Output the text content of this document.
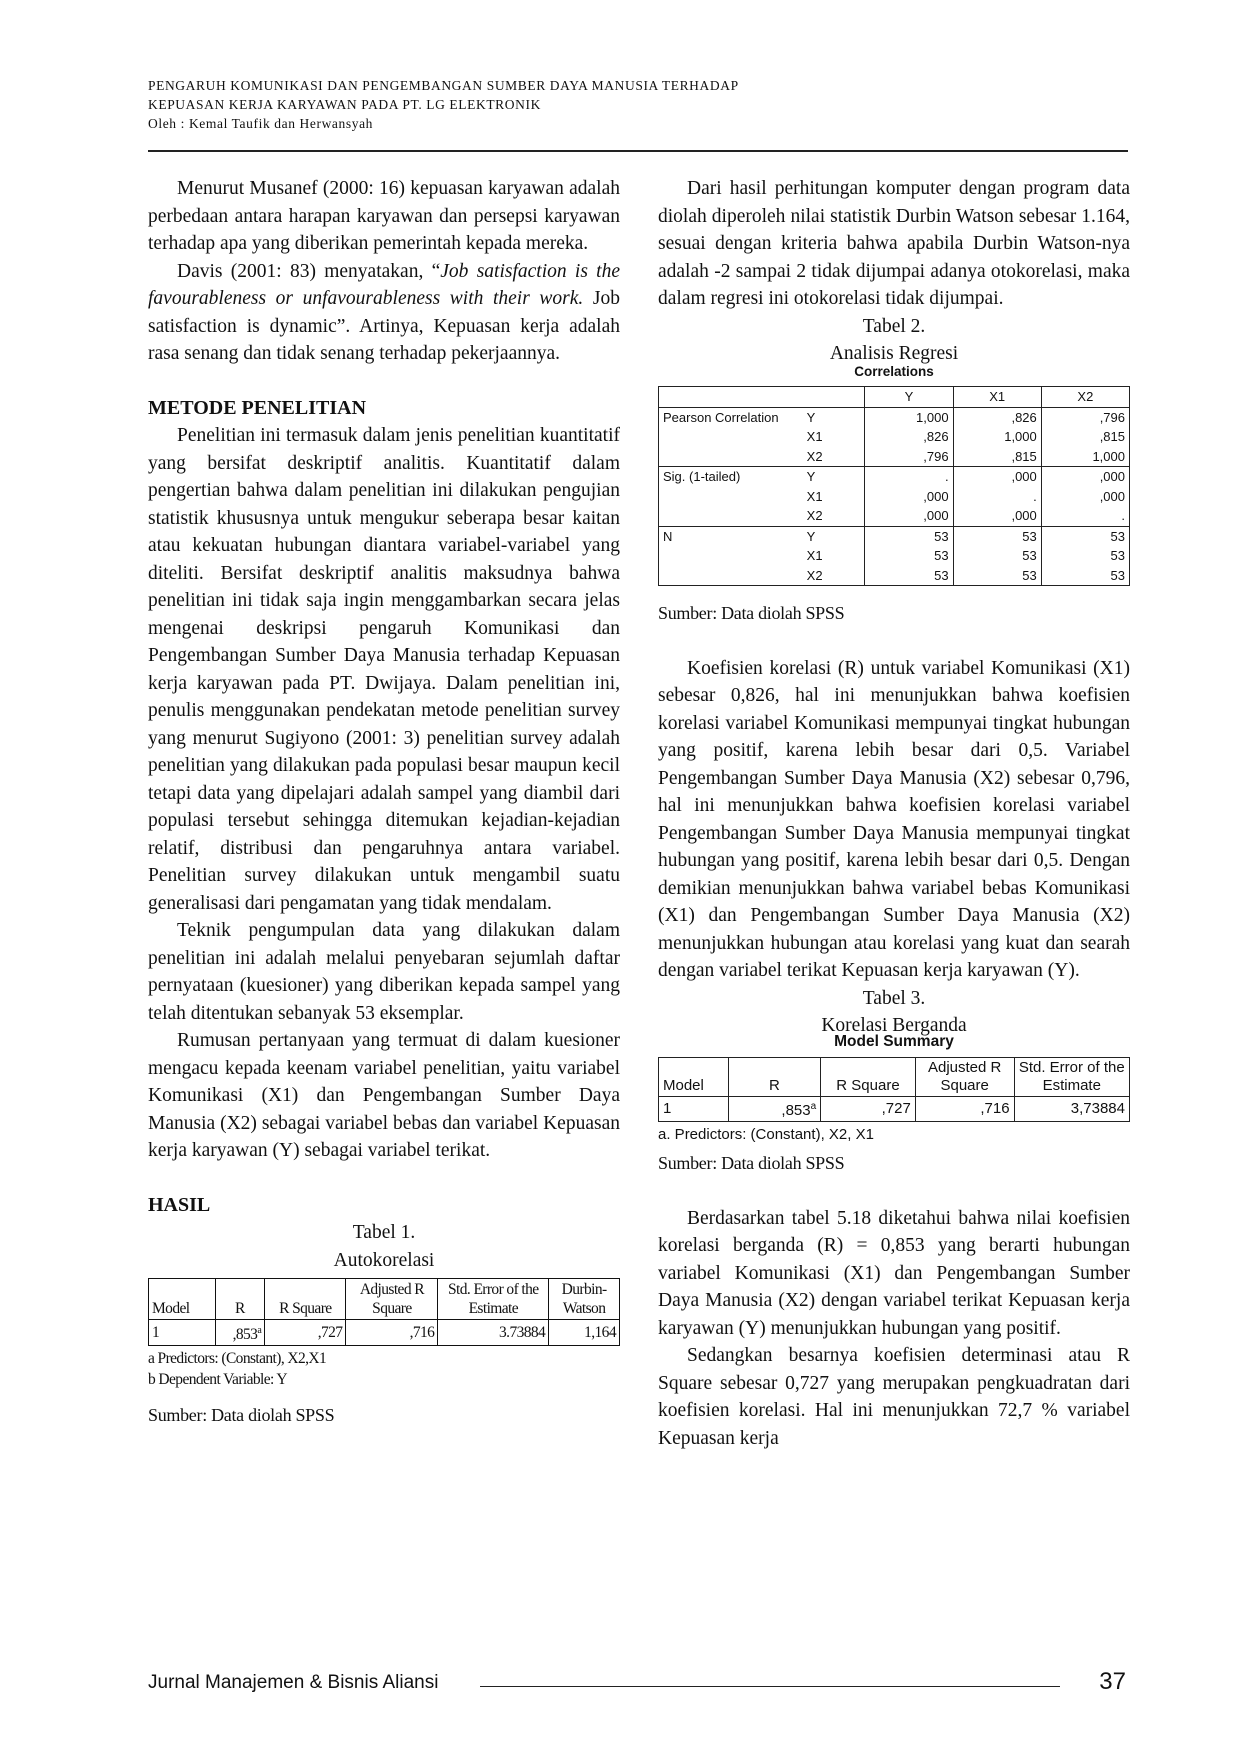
PENGARUH KOMUNIKASI DAN PENGEMBANGAN SUMBER DAYA MANUSIA TERHADAP
KEPUASAN KERJA KARYAWAN PADA PT. LG ELEKTRONIK
Oleh : Kemal Taufik dan Herwansyah

Menurut Musanef (2000: 16) kepuasan karyawan adalah perbedaan antara harapan karyawan dan persepsi karyawan terhadap apa yang diberikan pemerintah kepada mereka.

Davis (2001: 83) menyatakan, “Job satisfaction is the favourableness or unfavourableness with their work. Job satisfaction is dynamic”. Artinya, Kepuasan kerja adalah rasa senang dan tidak senang terhadap pekerjaannya.

METODE PENELITIAN

Penelitian ini termasuk dalam jenis penelitian kuantitatif yang bersifat deskriptif analitis. Kuantitatif dalam pengertian bahwa dalam penelitian ini dilakukan pengujian statistik khususnya untuk mengukur seberapa besar kaitan atau kekuatan hubungan diantara variabel-variabel yang diteliti. Bersifat deskriptif analitis maksudnya bahwa penelitian ini tidak saja ingin menggambarkan secara jelas mengenai deskripsi pengaruh Komunikasi dan Pengembangan Sumber Daya Manusia terhadap Kepuasan kerja karyawan pada PT. Dwijaya. Dalam penelitian ini, penulis menggunakan pendekatan metode penelitian survey yang menurut Sugiyono (2001: 3) penelitian survey adalah penelitian yang dilakukan pada populasi besar maupun kecil tetapi data yang dipelajari adalah sampel yang diambil dari populasi tersebut sehingga ditemukan kejadian-kejadian relatif, distribusi dan pengaruhnya antara variabel. Penelitian survey dilakukan untuk mengambil suatu generalisasi dari pengamatan yang tidak mendalam.

Teknik pengumpulan data yang dilakukan dalam penelitian ini adalah melalui penyebaran sejumlah daftar pernyataan (kuesioner) yang diberikan kepada sampel yang telah ditentukan sebanyak 53 eksemplar.

Rumusan pertanyaan yang termuat di dalam kuesioner mengacu kepada keenam variabel penelitian, yaitu variabel Komunikasi (X1) dan Pengembangan Sumber Daya Manusia (X2) sebagai variabel bebas dan variabel Kepuasan kerja karyawan (Y) sebagai variabel terikat.

HASIL
Tabel 1.
Autokorelasi
Model	R	R Square	Adjusted R Square	Std. Error of the Estimate	Durbin-Watson
1	,853$^a$	,727	,716	3.73884	1,164
a Predictors: (Constant), X2,X1
b Dependent Variable: Y
Sumber: Data diolah SPSS

Dari hasil perhitungan komputer dengan program data diolah diperoleh nilai statistik Durbin Watson sebesar 1.164, sesuai dengan kriteria bahwa apabila Durbin Watson-nya adalah -2 sampai 2 tidak dijumpai adanya otokorelasi, maka dalam regresi ini otokorelasi tidak dijumpai.

Tabel 2.
Analisis Regresi
Correlations
		Y	X1	X2
Pearson Correlation	Y	1,000	,826	,796
	X1	,826	1,000	,815
	X2	,796	,815	1,000
Sig. (1-tailed)	Y	.	,000	,000
	X1	,000	.	,000
	X2	,000	,000	.
N	Y	53	53	53
	X1	53	53	53
	X2	53	53	53
Sumber: Data diolah SPSS

Koefisien korelasi (R) untuk variabel Komunikasi (X1) sebesar 0,826, hal ini menunjukkan bahwa koefisien korelasi variabel Komunikasi mempunyai tingkat hubungan yang positif, karena lebih besar dari 0,5. Variabel Pengembangan Sumber Daya Manusia (X2) sebesar 0,796, hal ini menunjukkan bahwa koefisien korelasi variabel Pengembangan Sumber Daya Manusia mempunyai tingkat hubungan yang positif, karena lebih besar dari 0,5. Dengan demikian menunjukkan bahwa variabel bebas Komunikasi (X1) dan Pengembangan Sumber Daya Manusia (X2) menunjukkan hubungan atau korelasi yang kuat dan searah dengan variabel terikat Kepuasan kerja karyawan (Y).

Tabel 3.
Korelasi Berganda
Model Summary
Model	R	R Square	Adjusted R Square	Std. Error of the Estimate
1	,853$^a$	,727	,716	3,73884
a. Predictors: (Constant), X2, X1
Sumber: Data diolah SPSS

Berdasarkan tabel 5.18 diketahui bahwa nilai koefisien korelasi berganda (R) = 0,853 yang berarti hubungan variabel Komunikasi (X1) dan Pengembangan Sumber Daya Manusia (X2) dengan variabel terikat Kepuasan kerja karyawan (Y) menunjukkan hubungan yang positif.

Sedangkan besarnya koefisien determinasi atau R Square sebesar 0,727 yang merupakan pengkuadratan dari koefisien korelasi. Hal ini menunjukkan 72,7 % variabel Kepuasan kerja

Jurnal Manajemen & Bisnis Aliansi	37
